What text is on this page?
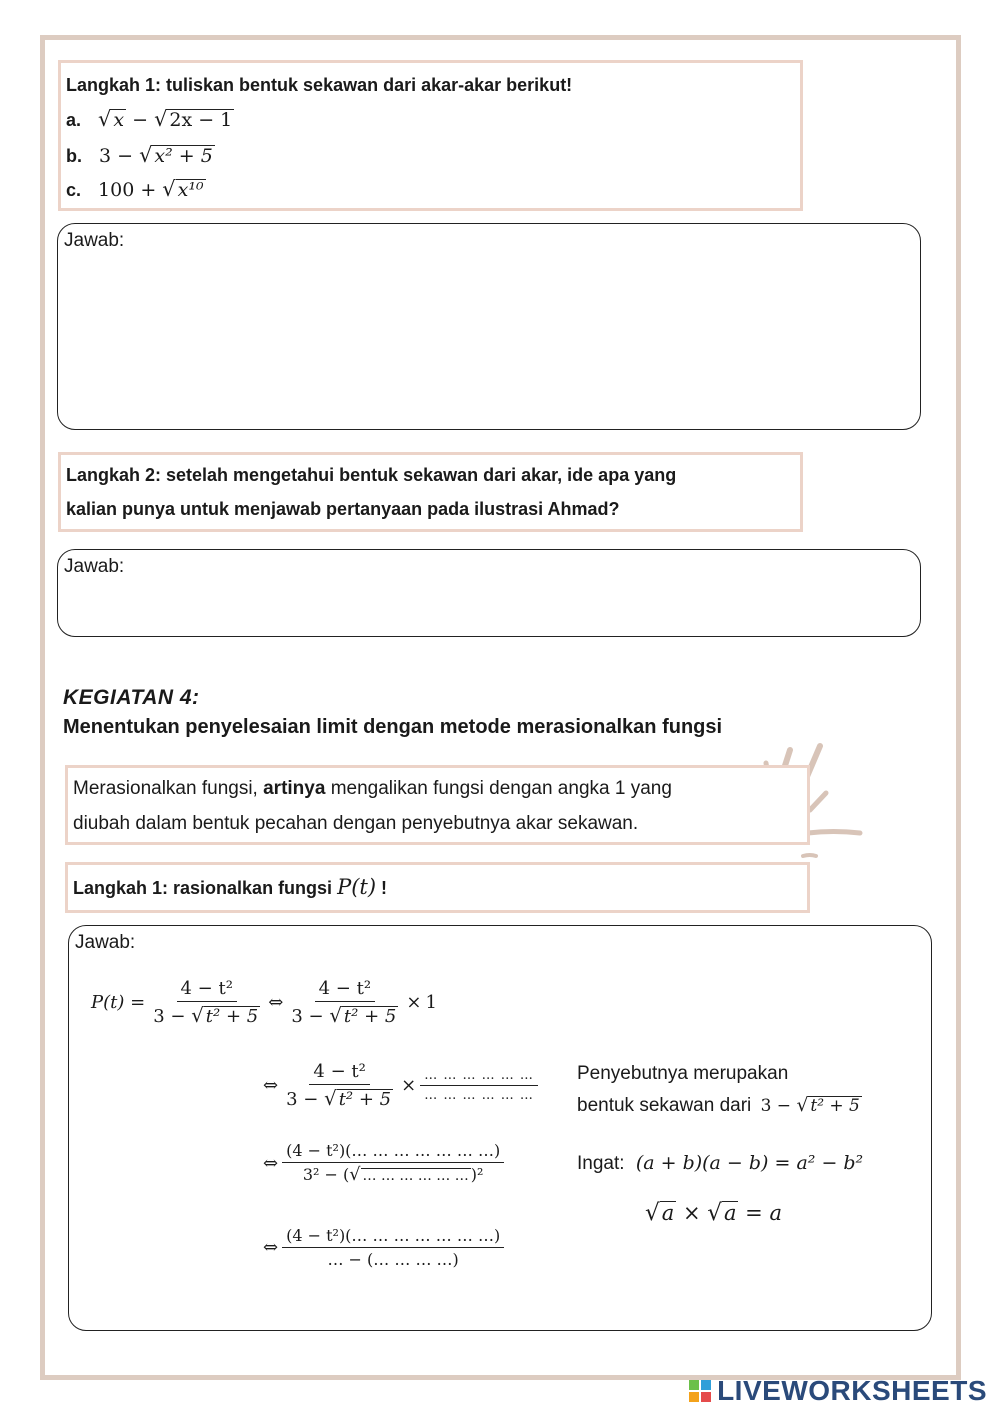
Langkah 1: tuliskan bentuk sekawan dari akar-akar berikut!
a. √ x − √ 2x − 1
b. 3 − √ x² + 5
c. 100 + √ x¹⁰
Jawab:
Langkah 2: setelah mengetahui bentuk sekawan dari akar, ide apa yang
kalian punya untuk menjawab pertanyaan pada ilustrasi Ahmad?
Jawab:
KEGIATAN 4:
Menentukan penyelesaian limit dengan metode merasionalkan fungsi
Merasionalkan fungsi, artinya mengalikan fungsi dengan angka 1 yang
diubah dalam bentuk pecahan dengan penyebutnya akar sekawan.
Langkah 1: rasionalkan fungsi P(t) !
Jawab:
$P(t) = \frac{\text{4 − t²}}{\text{3 − √ t² + 5}}$ ⇔ $\frac{\text{4 − t²}}{\text{3 − √ t² + 5}} \times 1$
⇔ $\frac{\text{4 − t²}}{\text{3 − √ t² + 5}} \times \frac{\dots \dots \dots \dots \dots \dots}{\dots \dots \dots \dots \dots \dots}$
⇔ $\frac{\text{(4 − t²)(… … … … … … …)}}{\text{3² − (√ … … … … … … )²}}$
⇔ $\frac{\text{(4 − t²)(… … … … … … …)}}{\dots - (\dots \dots \dots \dots)}$
Penyebutnya merupakan
bentuk sekawan dari 3 − √ t² + 5
Ingat: (a + b)(a − b) = a² − b²
√a × √a = a
LIVEWORKSHEETS
